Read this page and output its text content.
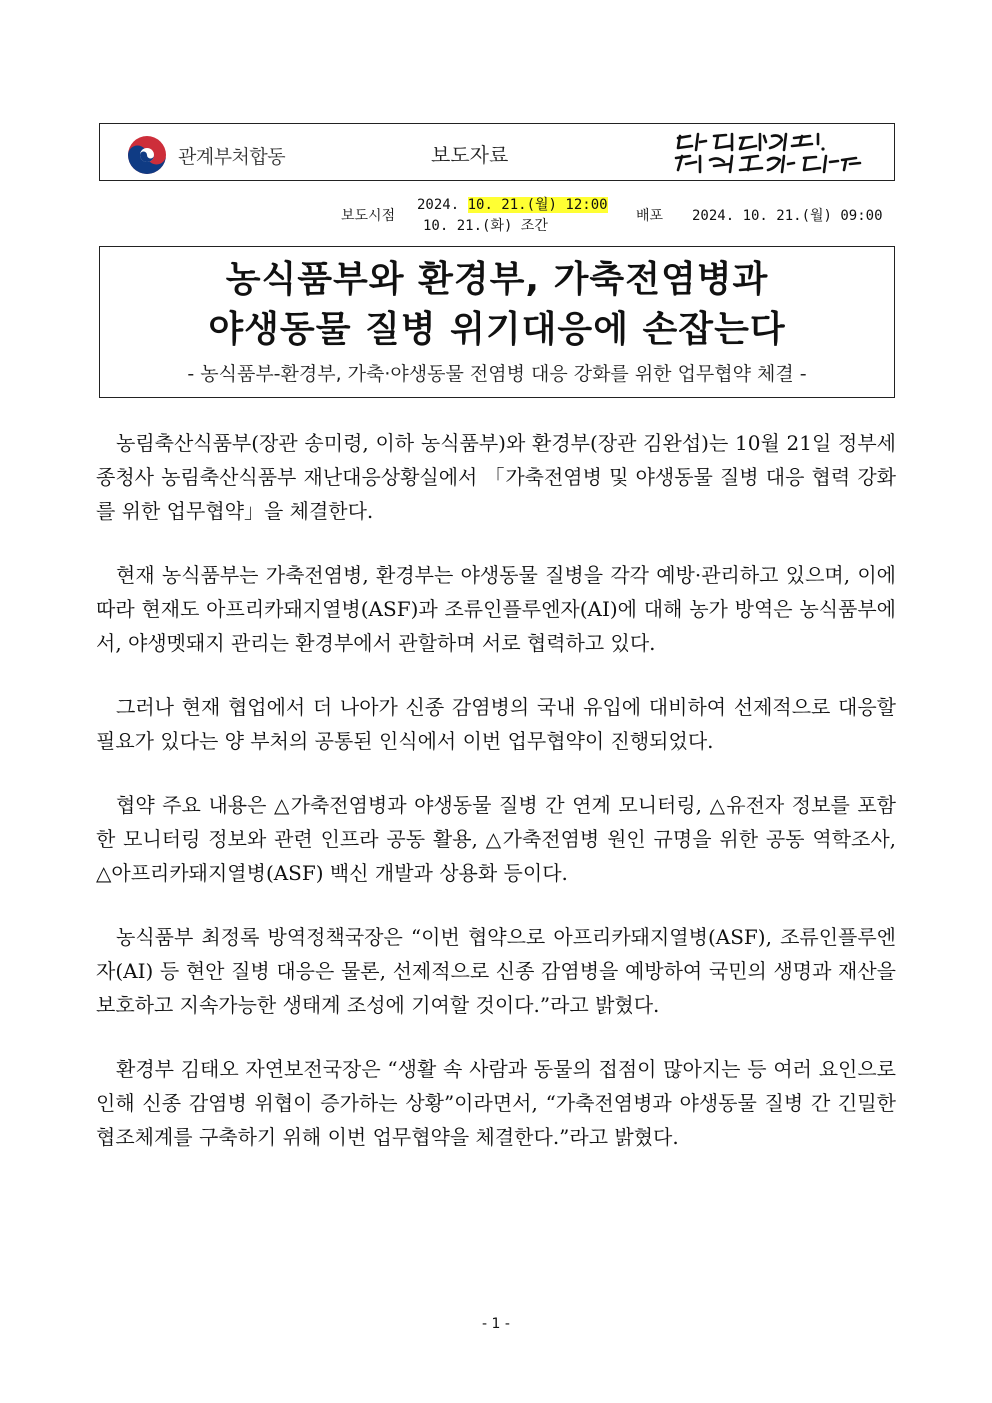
관계부처합동	보도자료
보도시점
2024. 10. 21.(월) 12:00
10. 21.(화) 조간
배포 2024. 10. 21.(월) 09:00
농식품부와 환경부, 가축전염병과
야생동물 질병 위기대응에 손잡는다
- 농식품부-환경부, 가축·야생동물 전염병 대응 강화를 위한 업무협약 체결 -

농림축산식품부(장관 송미령, 이하 농식품부)와 환경부(장관 김완섭)는 10월 21일 정부세종청사 농림축산식품부 재난대응상황실에서 「가축전염병 및 야생동물 질병 대응 협력 강화를 위한 업무협약」을 체결한다.

현재 농식품부는 가축전염병, 환경부는 야생동물 질병을 각각 예방·관리하고 있으며, 이에 따라 현재도 아프리카돼지열병(ASF)과 조류인플루엔자(AI)에 대해 농가 방역은 농식품부에서, 야생멧돼지 관리는 환경부에서 관할하며 서로 협력하고 있다.

그러나 현재 협업에서 더 나아가 신종 감염병의 국내 유입에 대비하여 선제적으로 대응할 필요가 있다는 양 부처의 공통된 인식에서 이번 업무협약이 진행되었다.

협약 주요 내용은 △가축전염병과 야생동물 질병 간 연계 모니터링, △유전자 정보를 포함한 모니터링 정보와 관련 인프라 공동 활용, △가축전염병 원인 규명을 위한 공동 역학조사, △아프리카돼지열병(ASF) 백신 개발과 상용화 등이다.

농식품부 최정록 방역정책국장은 “이번 협약으로 아프리카돼지열병(ASF), 조류인플루엔자(AI) 등 현안 질병 대응은 물론, 선제적으로 신종 감염병을 예방하여 국민의 생명과 재산을 보호하고 지속가능한 생태계 조성에 기여할 것이다.”라고 밝혔다.

환경부 김태오 자연보전국장은 “생활 속 사람과 동물의 접점이 많아지는 등 여러 요인으로 인해 신종 감염병 위협이 증가하는 상황”이라면서, “가축전염병과 야생동물 질병 간 긴밀한 협조체계를 구축하기 위해 이번 업무협약을 체결한다.”라고 밝혔다.

- 1 -
